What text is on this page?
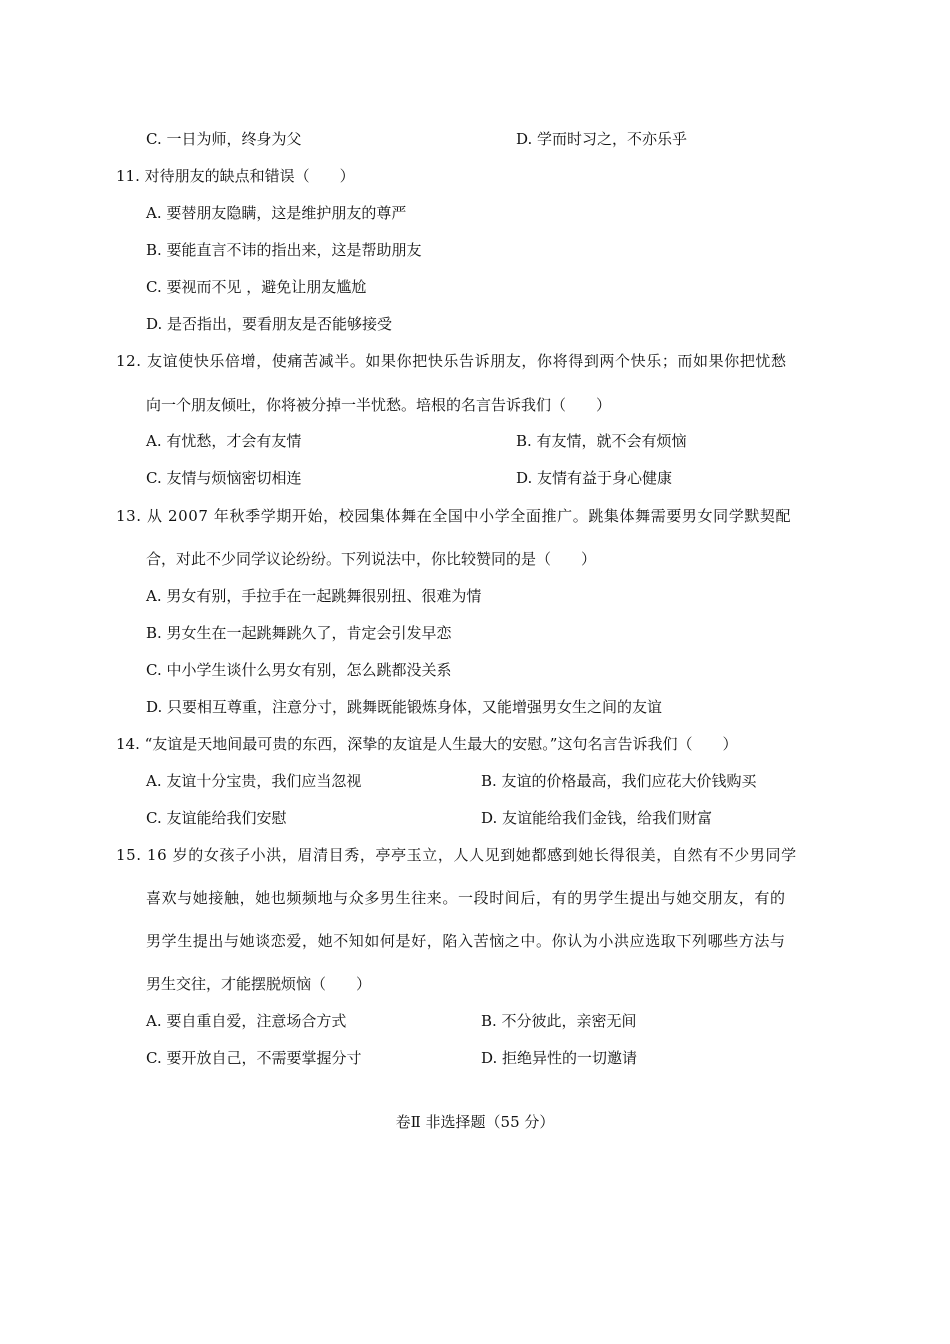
C. 一日为师，终身为父	D. 学而时习之，不亦乐乎
11. 对待朋友的缺点和错误（　　）
A. 要替朋友隐瞒，这是维护朋友的尊严
B. 要能直言不讳的指出来，这是帮助朋友
C. 要视而不见 ，避免让朋友尴尬
D. 是否指出，要看朋友是否能够接受
12. 友谊使快乐倍增，使痛苦减半。如果你把快乐告诉朋友，你将得到两个快乐；而如果你把忧愁
向一个朋友倾吐，你将被分掉一半忧愁。培根的名言告诉我们（　　）
A. 有忧愁，才会有友情	B. 有友情，就不会有烦恼
C. 友情与烦恼密切相连	D. 友情有益于身心健康
13. 从 2007 年秋季学期开始，校园集体舞在全国中小学全面推广。跳集体舞需要男女同学默契配
合，对此不少同学议论纷纷。下列说法中，你比较赞同的是（　　）
A. 男女有别，手拉手在一起跳舞很别扭、很难为情
B. 男女生在一起跳舞跳久了，肯定会引发早恋
C. 中小学生谈什么男女有别，怎么跳都没关系
D. 只要相互尊重，注意分寸，跳舞既能锻炼身体，又能增强男女生之间的友谊
14. “友谊是天地间最可贵的东西，深挚的友谊是人生最大的安慰。”这句名言告诉我们（　　）
A. 友谊十分宝贵，我们应当忽视	B. 友谊的价格最高，我们应花大价钱购买
C. 友谊能给我们安慰	D. 友谊能给我们金钱，给我们财富
15. 16 岁的女孩子小洪，眉清目秀，亭亭玉立，人人见到她都感到她长得很美，自然有不少男同学
喜欢与她接触，她也频频地与众多男生往来。一段时间后，有的男学生提出与她交朋友，有的
男学生提出与她谈恋爱，她不知如何是好，陷入苦恼之中。你认为小洪应选取下列哪些方法与
男生交往，才能摆脱烦恼（　　）
A. 要自重自爱，注意场合方式	B. 不分彼此，亲密无间
C. 要开放自己，不需要掌握分寸	D. 拒绝异性的一切邀请
卷Ⅱ 非选择题（55 分）
